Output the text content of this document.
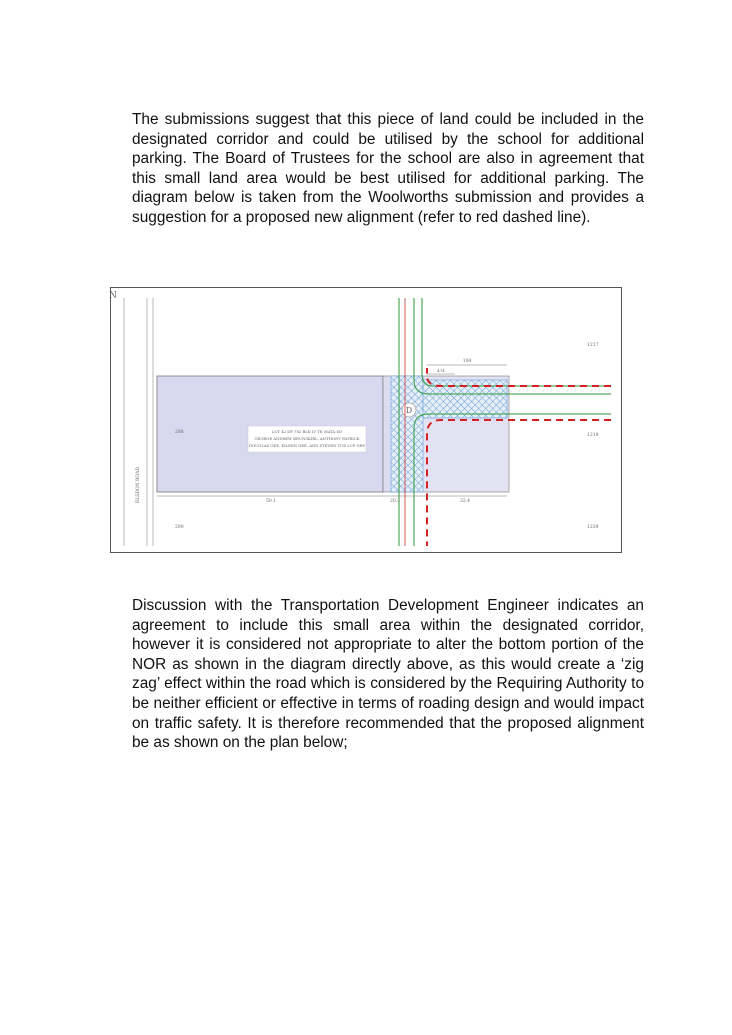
The submissions suggest that this piece of land could be included in the designated corridor and could be utilised by the school for additional parking. The Board of Trustees for the school are also in agreement that this small land area would be best utilised for additional parking. The diagram below is taken from the Woolworths submission and provides a suggestion for a proposed new alignment (refer to red dashed line).

N
ELSDON ROAD
LOT 42 DP 782 BLK IV TE MATA SD
GEORGE ANDREW BRUNSKIRL, ANTHONY PATRICK
DOUGLAS GEE, EILEEN GEE, AND STEVEN YUE LUP GEE
288
290
D
104
474
50.1	20.3	32.4
1217
1219
1239

Discussion with the Transportation Development Engineer indicates an agreement to include this small area within the designated corridor, however it is considered not appropriate to alter the bottom portion of the NOR as shown in the diagram directly above, as this would create a ‘zig zag’ effect within the road which is considered by the Requiring Authority to be neither efficient or effective in terms of roading design and would impact on traffic safety. It is therefore recommended that the proposed alignment be as shown on the plan below;
